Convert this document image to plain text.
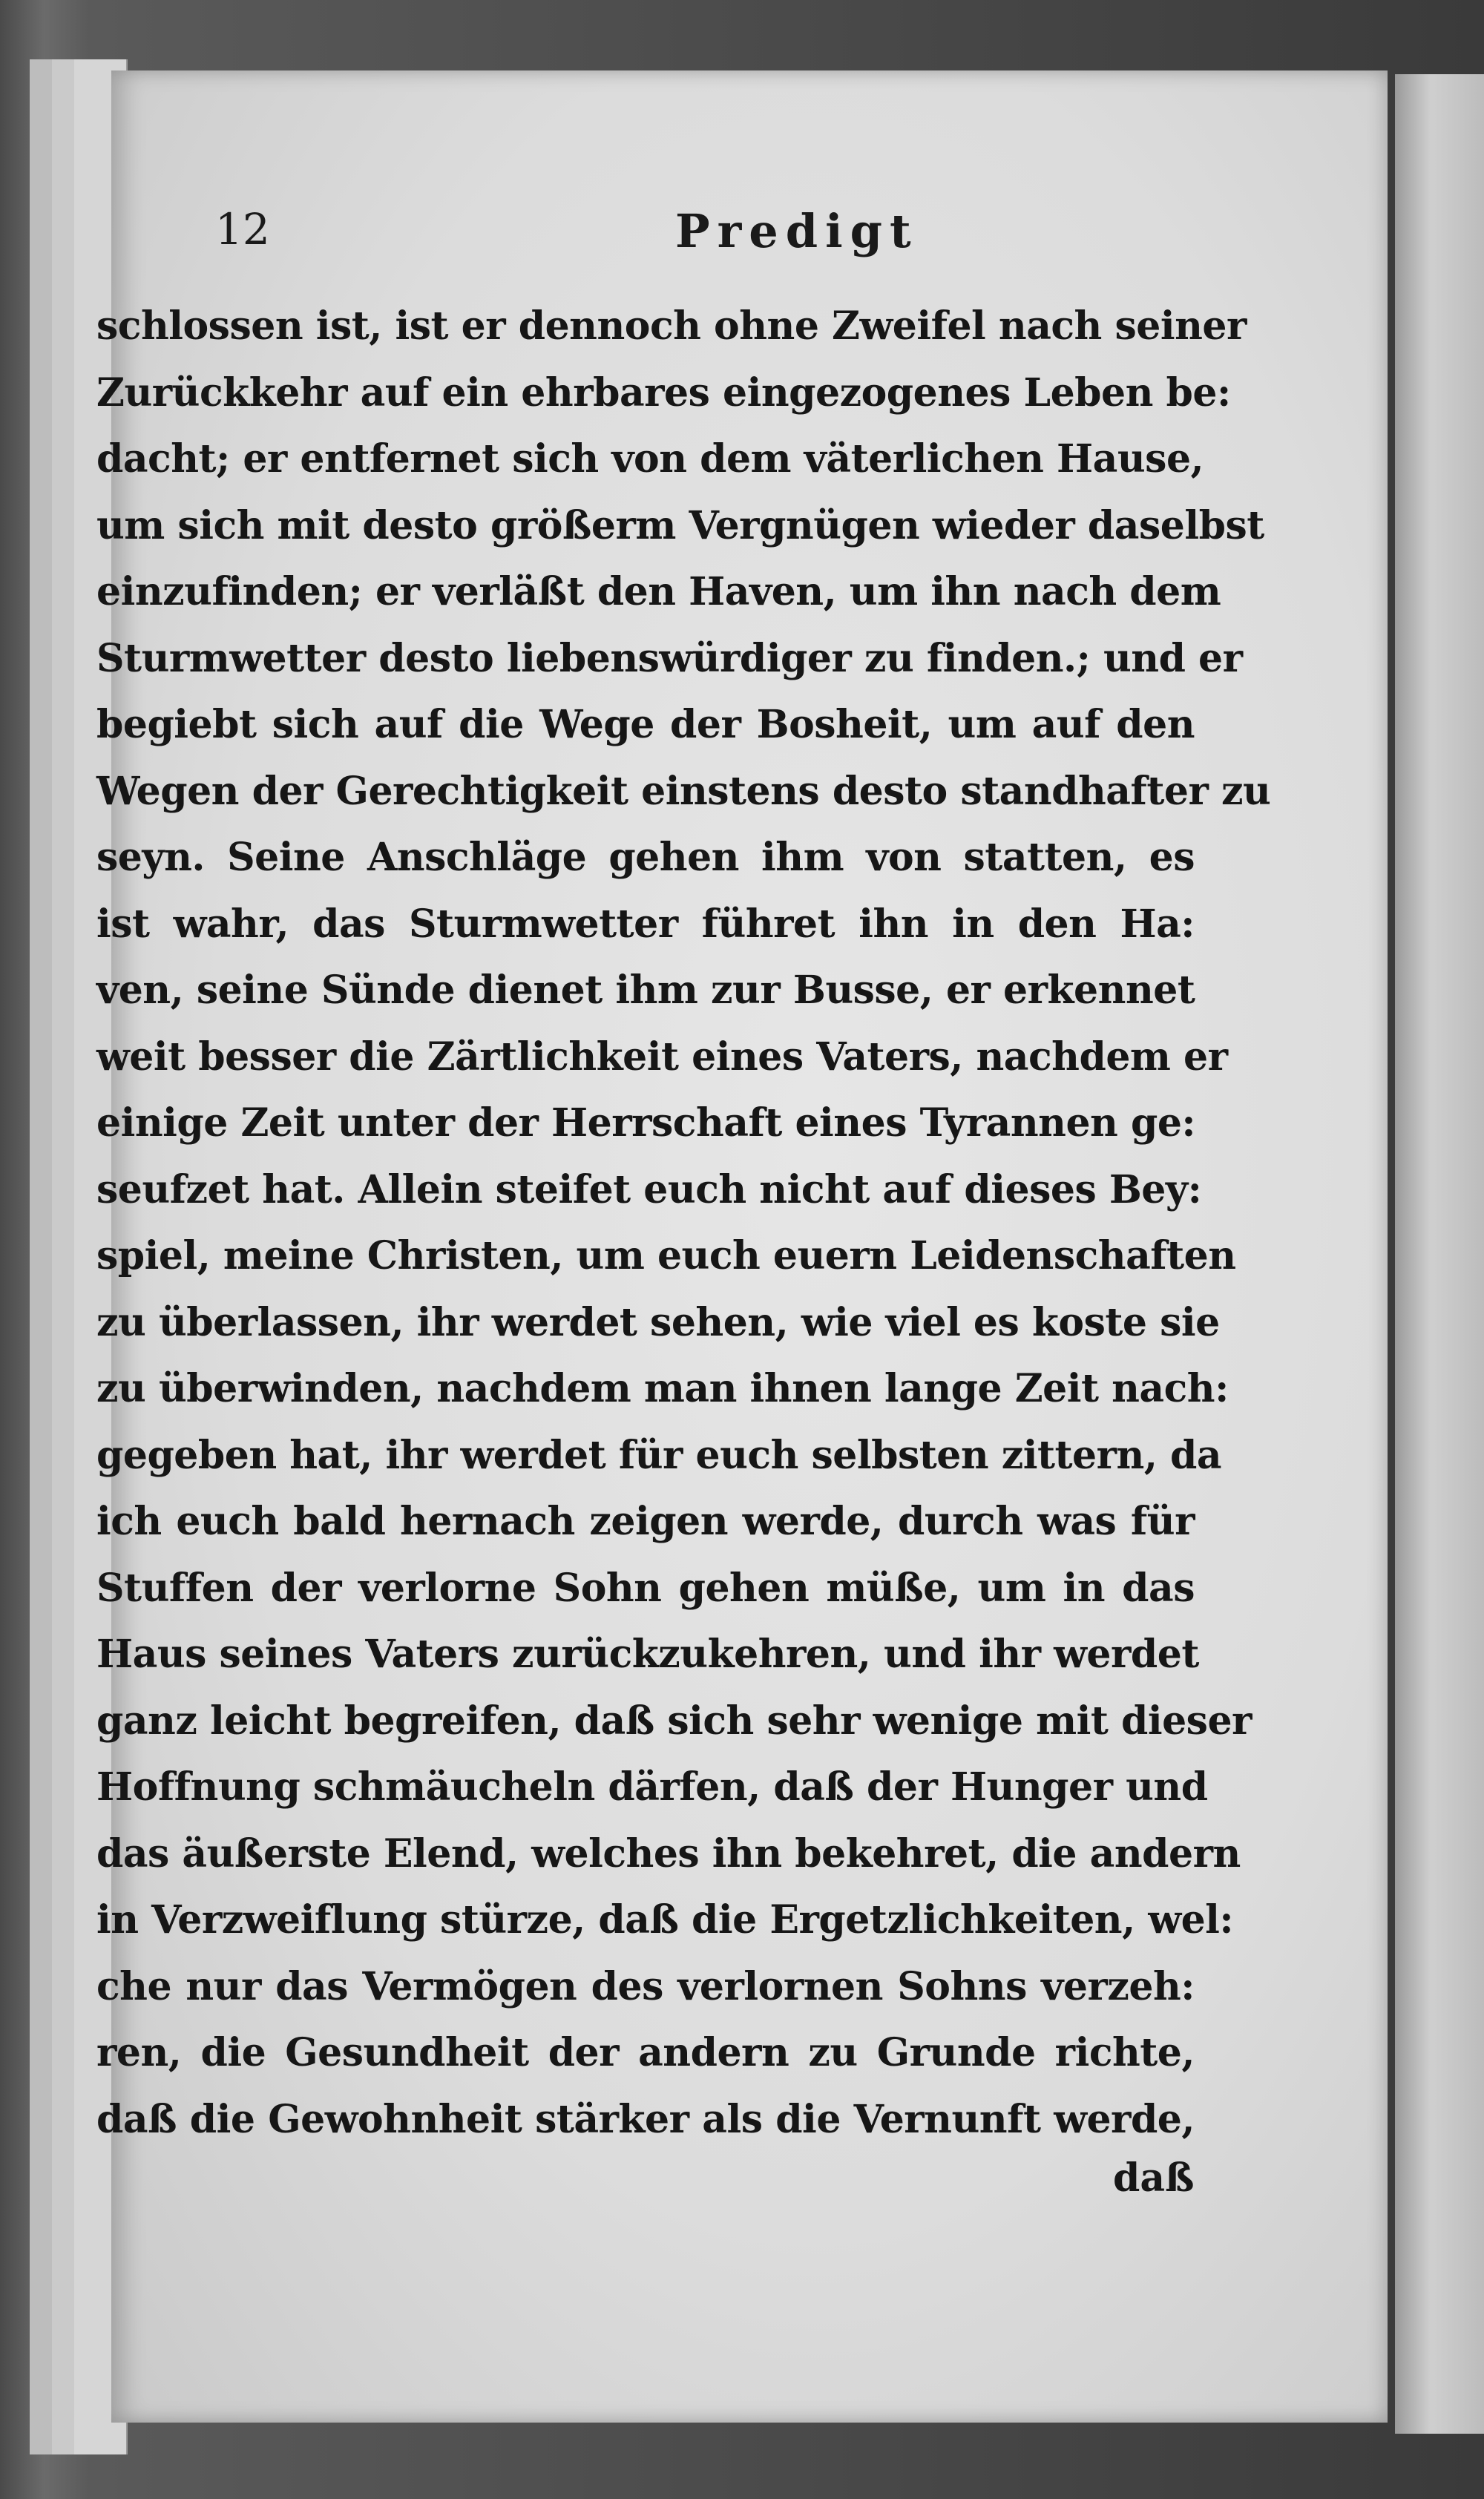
12	Predigt
schlossen ist, ist er dennoch ohne Zweifel nach seiner
Zurückkehr auf ein ehrbares eingezogenes Leben be:
dacht; er entfernet sich von dem väterlichen Hause,
um sich mit desto größerm Vergnügen wieder daselbst
einzufinden; er verläßt den Haven, um ihn nach dem
Sturmwetter desto liebenswürdiger zu finden.; und er
begiebt sich auf die Wege der Bosheit, um auf den
Wegen der Gerechtigkeit einstens desto standhafter zu
seyn. Seine Anschläge gehen ihm von statten, es
ist wahr, das Sturmwetter führet ihn in den Ha:
ven, seine Sünde dienet ihm zur Busse, er erkennet
weit besser die Zärtlichkeit eines Vaters, nachdem er
einige Zeit unter der Herrschaft eines Tyrannen ge:
seufzet hat. Allein steifet euch nicht auf dieses Bey:
spiel, meine Christen, um euch euern Leidenschaften
zu überlassen, ihr werdet sehen, wie viel es koste sie
zu überwinden, nachdem man ihnen lange Zeit nach:
gegeben hat, ihr werdet für euch selbsten zittern, da
ich euch bald hernach zeigen werde, durch was für
Stuffen der verlorne Sohn gehen müße, um in das
Haus seines Vaters zurückzukehren, und ihr werdet
ganz leicht begreifen, daß sich sehr wenige mit dieser
Hoffnung schmäucheln därfen, daß der Hunger und
das äußerste Elend, welches ihn bekehret, die andern
in Verzweiflung stürze, daß die Ergetzlichkeiten, wel:
che nur das Vermögen des verlornen Sohns verzeh:
ren, die Gesundheit der andern zu Grunde richte,
daß die Gewohnheit stärker als die Vernunft werde,
daß
